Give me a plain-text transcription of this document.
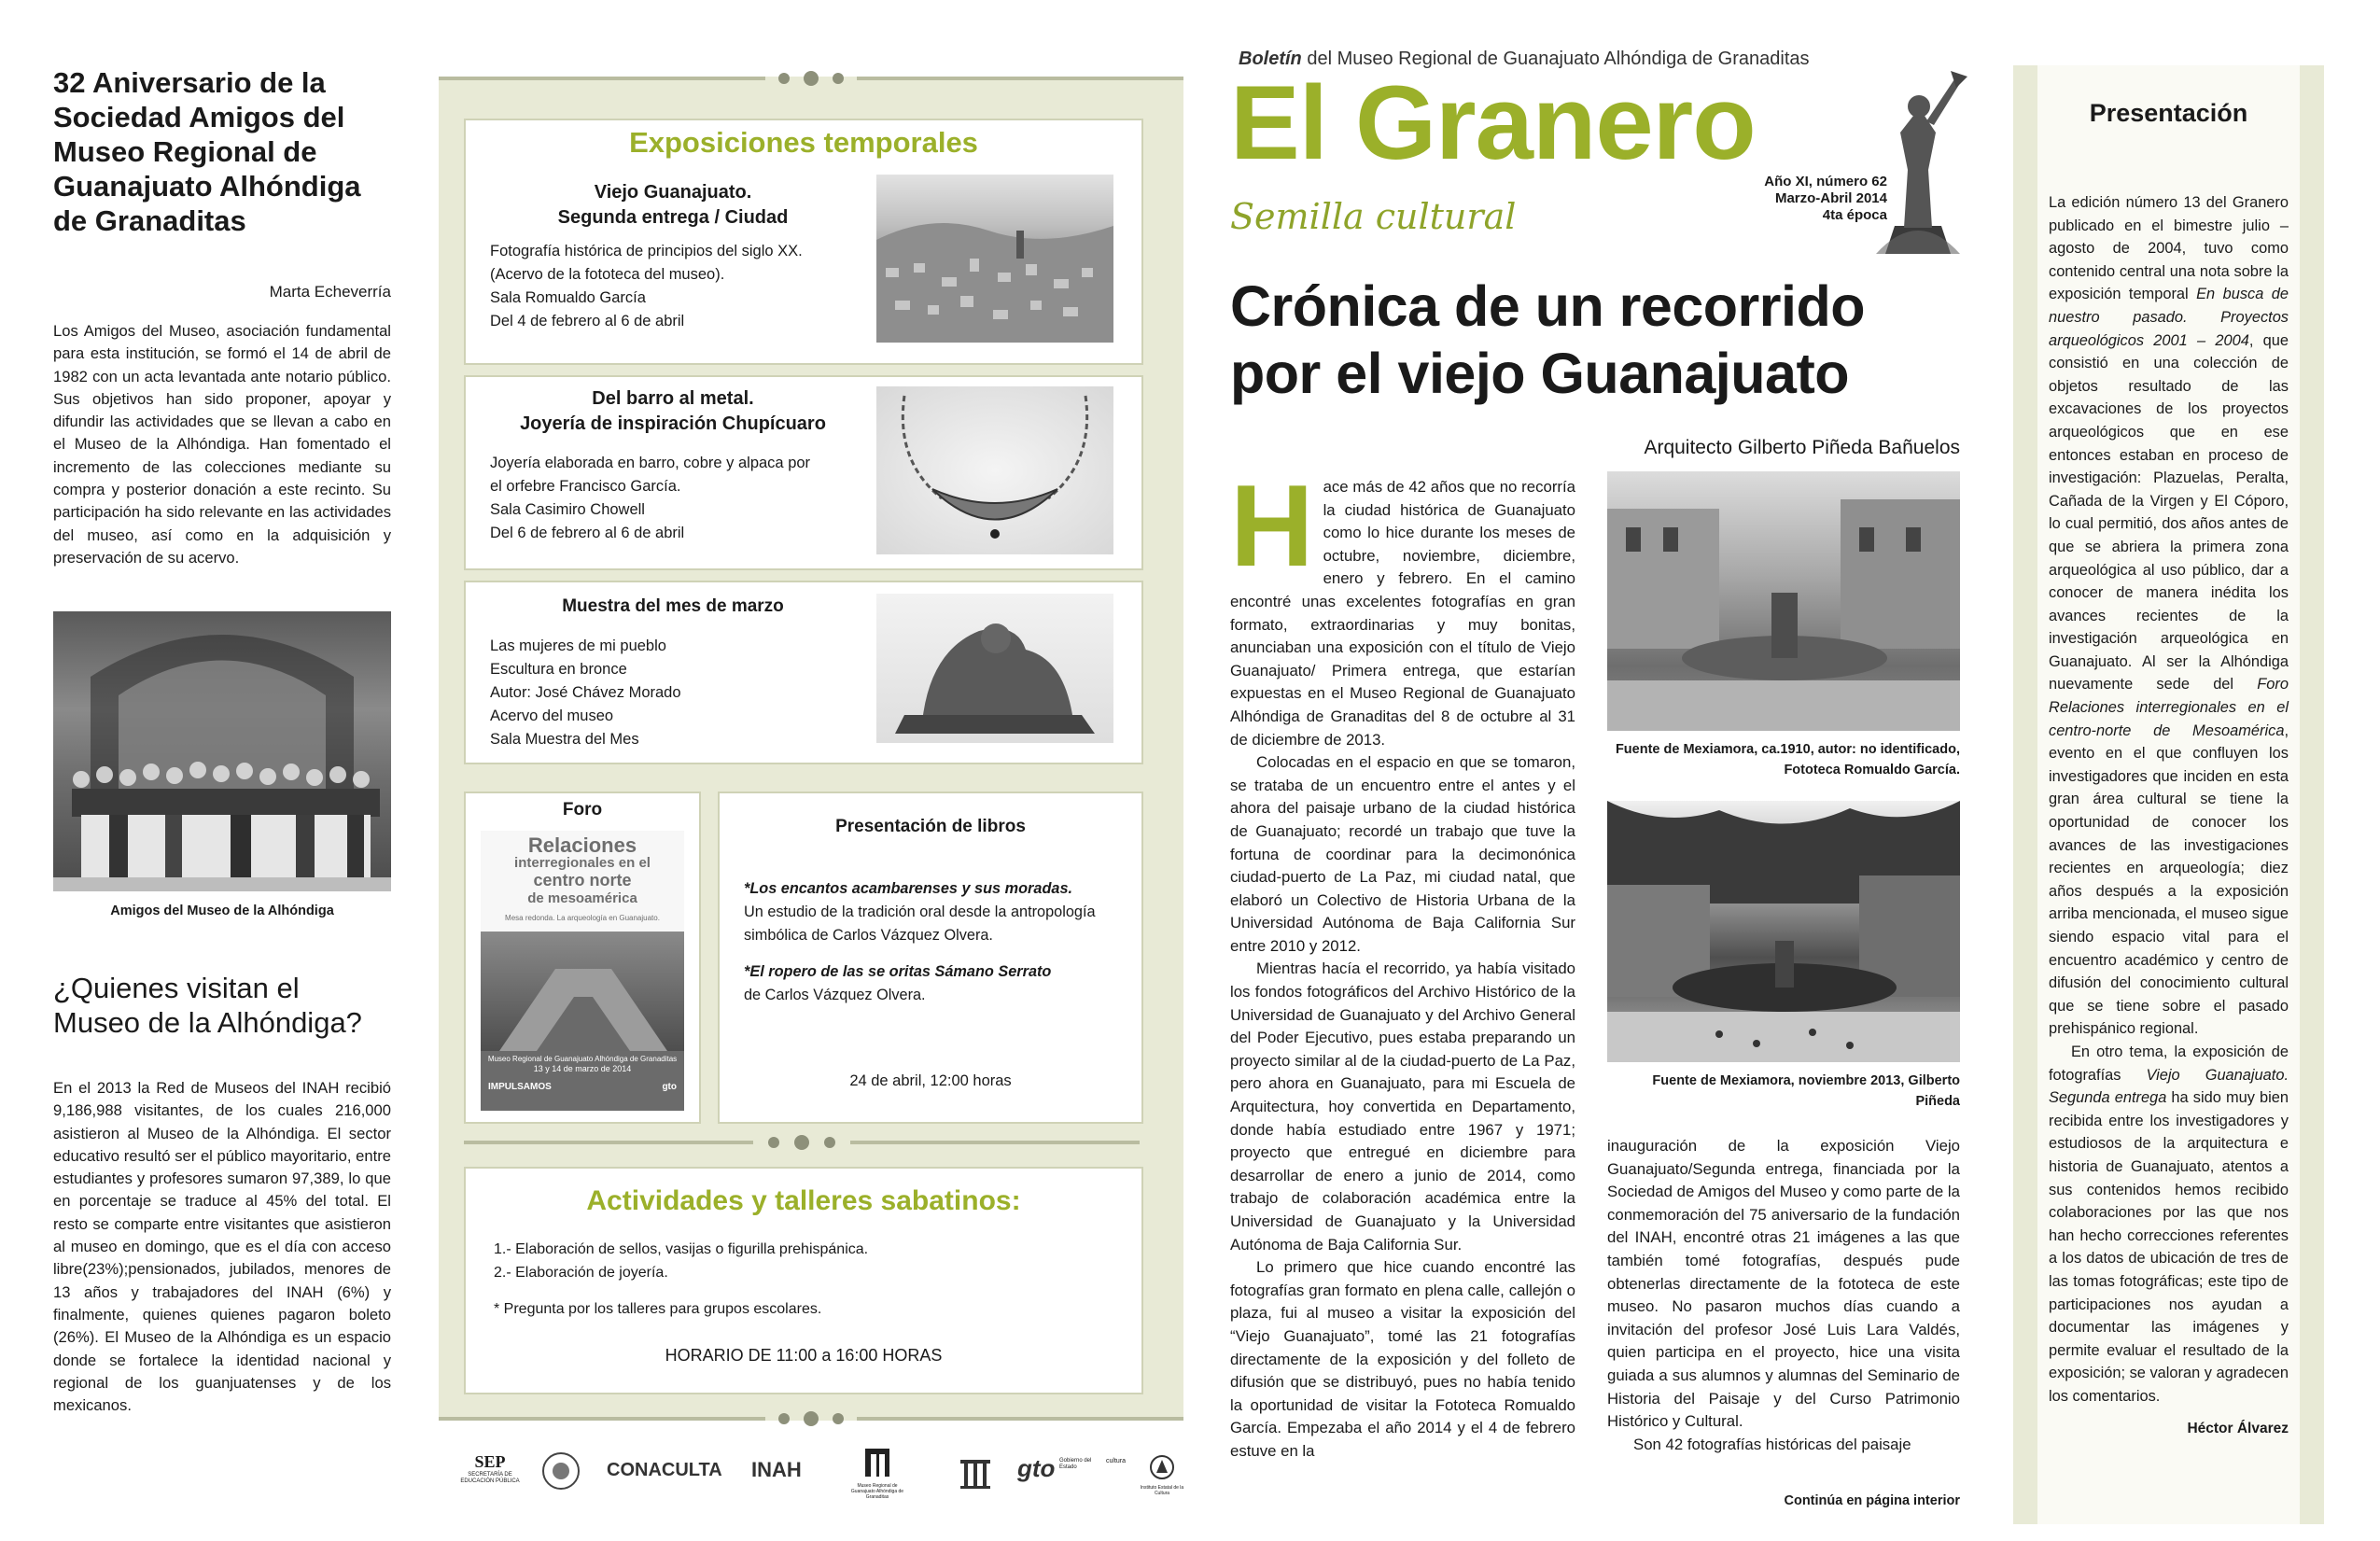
32 Aniversario de la Sociedad Amigos del Museo Regional de Guanajuato Alhóndiga de Granaditas
Marta Echeverría

Los Amigos del Museo, asociación fundamental para esta institución, se formó el 14 de abril de 1982 con un acta levantada ante notario público. Sus objetivos han sido proponer, apoyar y difundir las actividades que se llevan a cabo en el Museo de la Alhóndiga. Han fomentado el incremento de las colecciones mediante su compra y posterior donación a este recinto. Su participación ha sido relevante en las actividades del museo, así como en la adquisición y preservación de su acervo.

Amigos del Museo de la Alhóndiga
¿Quienes visitan el Museo de la Alhóndiga?

En el 2013 la Red de Museos del INAH recibió 9,186,988 visitantes, de los cuales 216,000 asistieron al Museo de la Alhóndiga. El sector educativo resultó ser el público mayoritario, entre estudiantes y profesores sumaron 97,389, lo que en porcentaje se traduce al 45% del total. El resto se comparte entre visitantes que asistieron al museo en domingo, que es el día con acceso libre(23%);pensionados, jubilados, menores de 13 años y trabajadores del INAH (6%) y finalmente, quienes quienes pagaron boleto (26%). El Museo de la Alhóndiga es un espacio donde se fortalece la identidad nacional y regional de los guanjuatenses y de los mexicanos.

Exposiciones temporales
Viejo Guanajuato.
Segunda entrega / Ciudad
Fotografía histórica de principios del siglo XX.
(Acervo de la fototeca del museo).
Sala Romualdo García
Del 4 de febrero al 6 de abril
Del barro al metal.
Joyería de inspiración Chupícuaro
Joyería elaborada en barro, cobre y alpaca por
el orfebre Francisco García.
Sala Casimiro Chowell
Del 6 de febrero al 6 de abril
Muestra del mes de marzo
Las mujeres de mi pueblo
Escultura en bronce
Autor: José Chávez Morado
Acervo del museo
Sala Muestra del Mes
Foro
Relaciones
interregionales en el
centro norte
de mesoamérica
Mesa redonda. La arqueología en Guanajuato.
Museo Regional de Guanajuato Alhóndiga de Granaditas
13 y 14 de marzo de 2014
IMPULSAMOS	gto
Presentación de libros
*Los encantos acambarenses y sus moradas.
Un estudio de la tradición oral desde la antropología simbólica de Carlos Vázquez Olvera.
*El ropero de las se oritas Sámano Serrato
de Carlos Vázquez Olvera.
24 de abril, 12:00 horas
Actividades y talleres sabatinos:
1.- Elaboración de sellos, vasijas o figurilla prehispánica.
2.- Elaboración de joyería.
* Pregunta por los talleres para grupos escolares.
HORARIO DE 11:00 a 16:00 HORAS
SEP
SECRETARÍA DE EDUCACIÓN PÚBLICA
CONACULTA INAH
Museo Regional de Guanajuato Alhóndiga de Granaditas
gto Gobierno del Estado
cultura
Instituto Estatal de la Cultura
Boletín del Museo Regional de Guanajuato Alhóndiga de Granaditas
El Granero
Semilla cultural
Año XI, número 62
Marzo-Abril 2014
4ta época
Crónica de un recorrido por el viejo Guanajuato
Arquitecto Gilberto Piñeda Bañuelos

Hace más de 42 años que no recorría la ciudad histórica de Guanajuato como lo hice durante los meses de octubre, noviembre, diciembre, enero y febrero. En el camino encontré unas excelentes fotografías en gran formato, extraordinarias y muy bonitas, anunciaban una exposición con el título de Viejo Guanajuato/ Primera entrega, que estarían expuestas en el Museo Regional de Guanajuato Alhóndiga de Granaditas del 8 de octubre al 31 de diciembre de 2013.

Colocadas en el espacio en que se tomaron, se trataba de un encuentro entre el antes y el ahora del paisaje urbano de la ciudad histórica de Guanajuato; recordé un trabajo que tuve la fortuna de coordinar para la decimonónica ciudad-puerto de La Paz, mi ciudad natal, que elaboró un Colectivo de Historia Urbana de la Universidad Autónoma de Baja California Sur entre 2010 y 2012.

Mientras hacía el recorrido, ya había visitado los fondos fotográficos del Archivo Histórico de la Universidad de Guanajuato y del Archivo General del Poder Ejecutivo, pues estaba preparando un proyecto similar al de la ciudad-puerto de La Paz, pero ahora en Guanajuato, para mi Escuela de Arquitectura, hoy convertida en Departamento, donde había estudiado entre 1967 y 1971; proyecto que entregué en diciembre para desarrollar de enero a junio de 2014, como trabajo de colaboración académica entre la Universidad de Guanajuato y la Universidad Autónoma de Baja California Sur.

Lo primero que hice cuando encontré las fotografías gran formato en plena calle, callejón o plaza, fui al museo a visitar la exposición del “Viejo Guanajuato”, tomé las 21 fotografías directamente de la exposición y del folleto de difusión que se distribuyó, pues no había tenido la oportunidad de visitar la Fototeca Romualdo García. Empezaba el año 2014 y el 4 de febrero estuve en la

Fuente de Mexiamora, ca.1910, autor: no identificado, Fototeca Romualdo García.
Fuente de Mexiamora, noviembre 2013, Gilberto Piñeda

inauguración de la exposición Viejo Guanajuato/Segunda entrega, financiada por la Sociedad de Amigos del Museo y como parte de la conmemoración del 75 aniversario de la fundación del INAH, encontré otras 21 imágenes a las que también tomé fotografías, después pude obtenerlas directamente de la fototeca de este museo. No pasaron muchos días cuando a invitación del profesor José Luis Lara Valdés, quien participa en el proyecto, hice una visita guiada a sus alumnos y alumnas del Seminario de Historia del Paisaje y del Curso Patrimonio Histórico y Cultural.

Son 42 fotografías históricas del paisaje

Continúa en página interior
Presentación

La edición número 13 del Granero publicado en el bimestre julio – agosto de 2004, tuvo como contenido central una nota sobre la exposición temporal En busca de nuestro pasado. Proyectos arqueológicos 2001 – 2004, que consistió en una colección de objetos resultado de las excavaciones de los proyectos arqueológicos que en ese entonces estaban en proceso de investigación: Plazuelas, Peralta, Cañada de la Virgen y El Cóporo, lo cual permitió, dos años antes de que se abriera la primera zona arqueológica al uso público, dar a conocer de manera inédita los avances recientes de la investigación arqueológica en Guanajuato. Al ser la Alhóndiga nuevamente sede del Foro Relaciones interregionales en el centro-norte de Mesoamérica, evento en el que confluyen los investigadores que inciden en esta gran área cultural se tiene la oportunidad de conocer los avances de las investigaciones recientes en arqueología; diez años después a la exposición arriba mencionada, el museo sigue siendo espacio vital para el encuentro académico y centro de difusión del conocimiento cultural que se tiene sobre el pasado prehispánico regional.

En otro tema, la exposición de fotografías Viejo Guanajuato. Segunda entrega ha sido muy bien recibida entre los investigadores y estudiosos de la arquitectura e historia de Guanajuato, atentos a sus contenidos hemos recibido colaboraciones por las que nos han hecho correcciones referentes a los datos de ubicación de tres de las tomas fotográficas; este tipo de participaciones nos ayudan a documentar las imágenes y permite evaluar el resultado de la exposición; se valoran y agradecen los comentarios.

Héctor Álvarez
